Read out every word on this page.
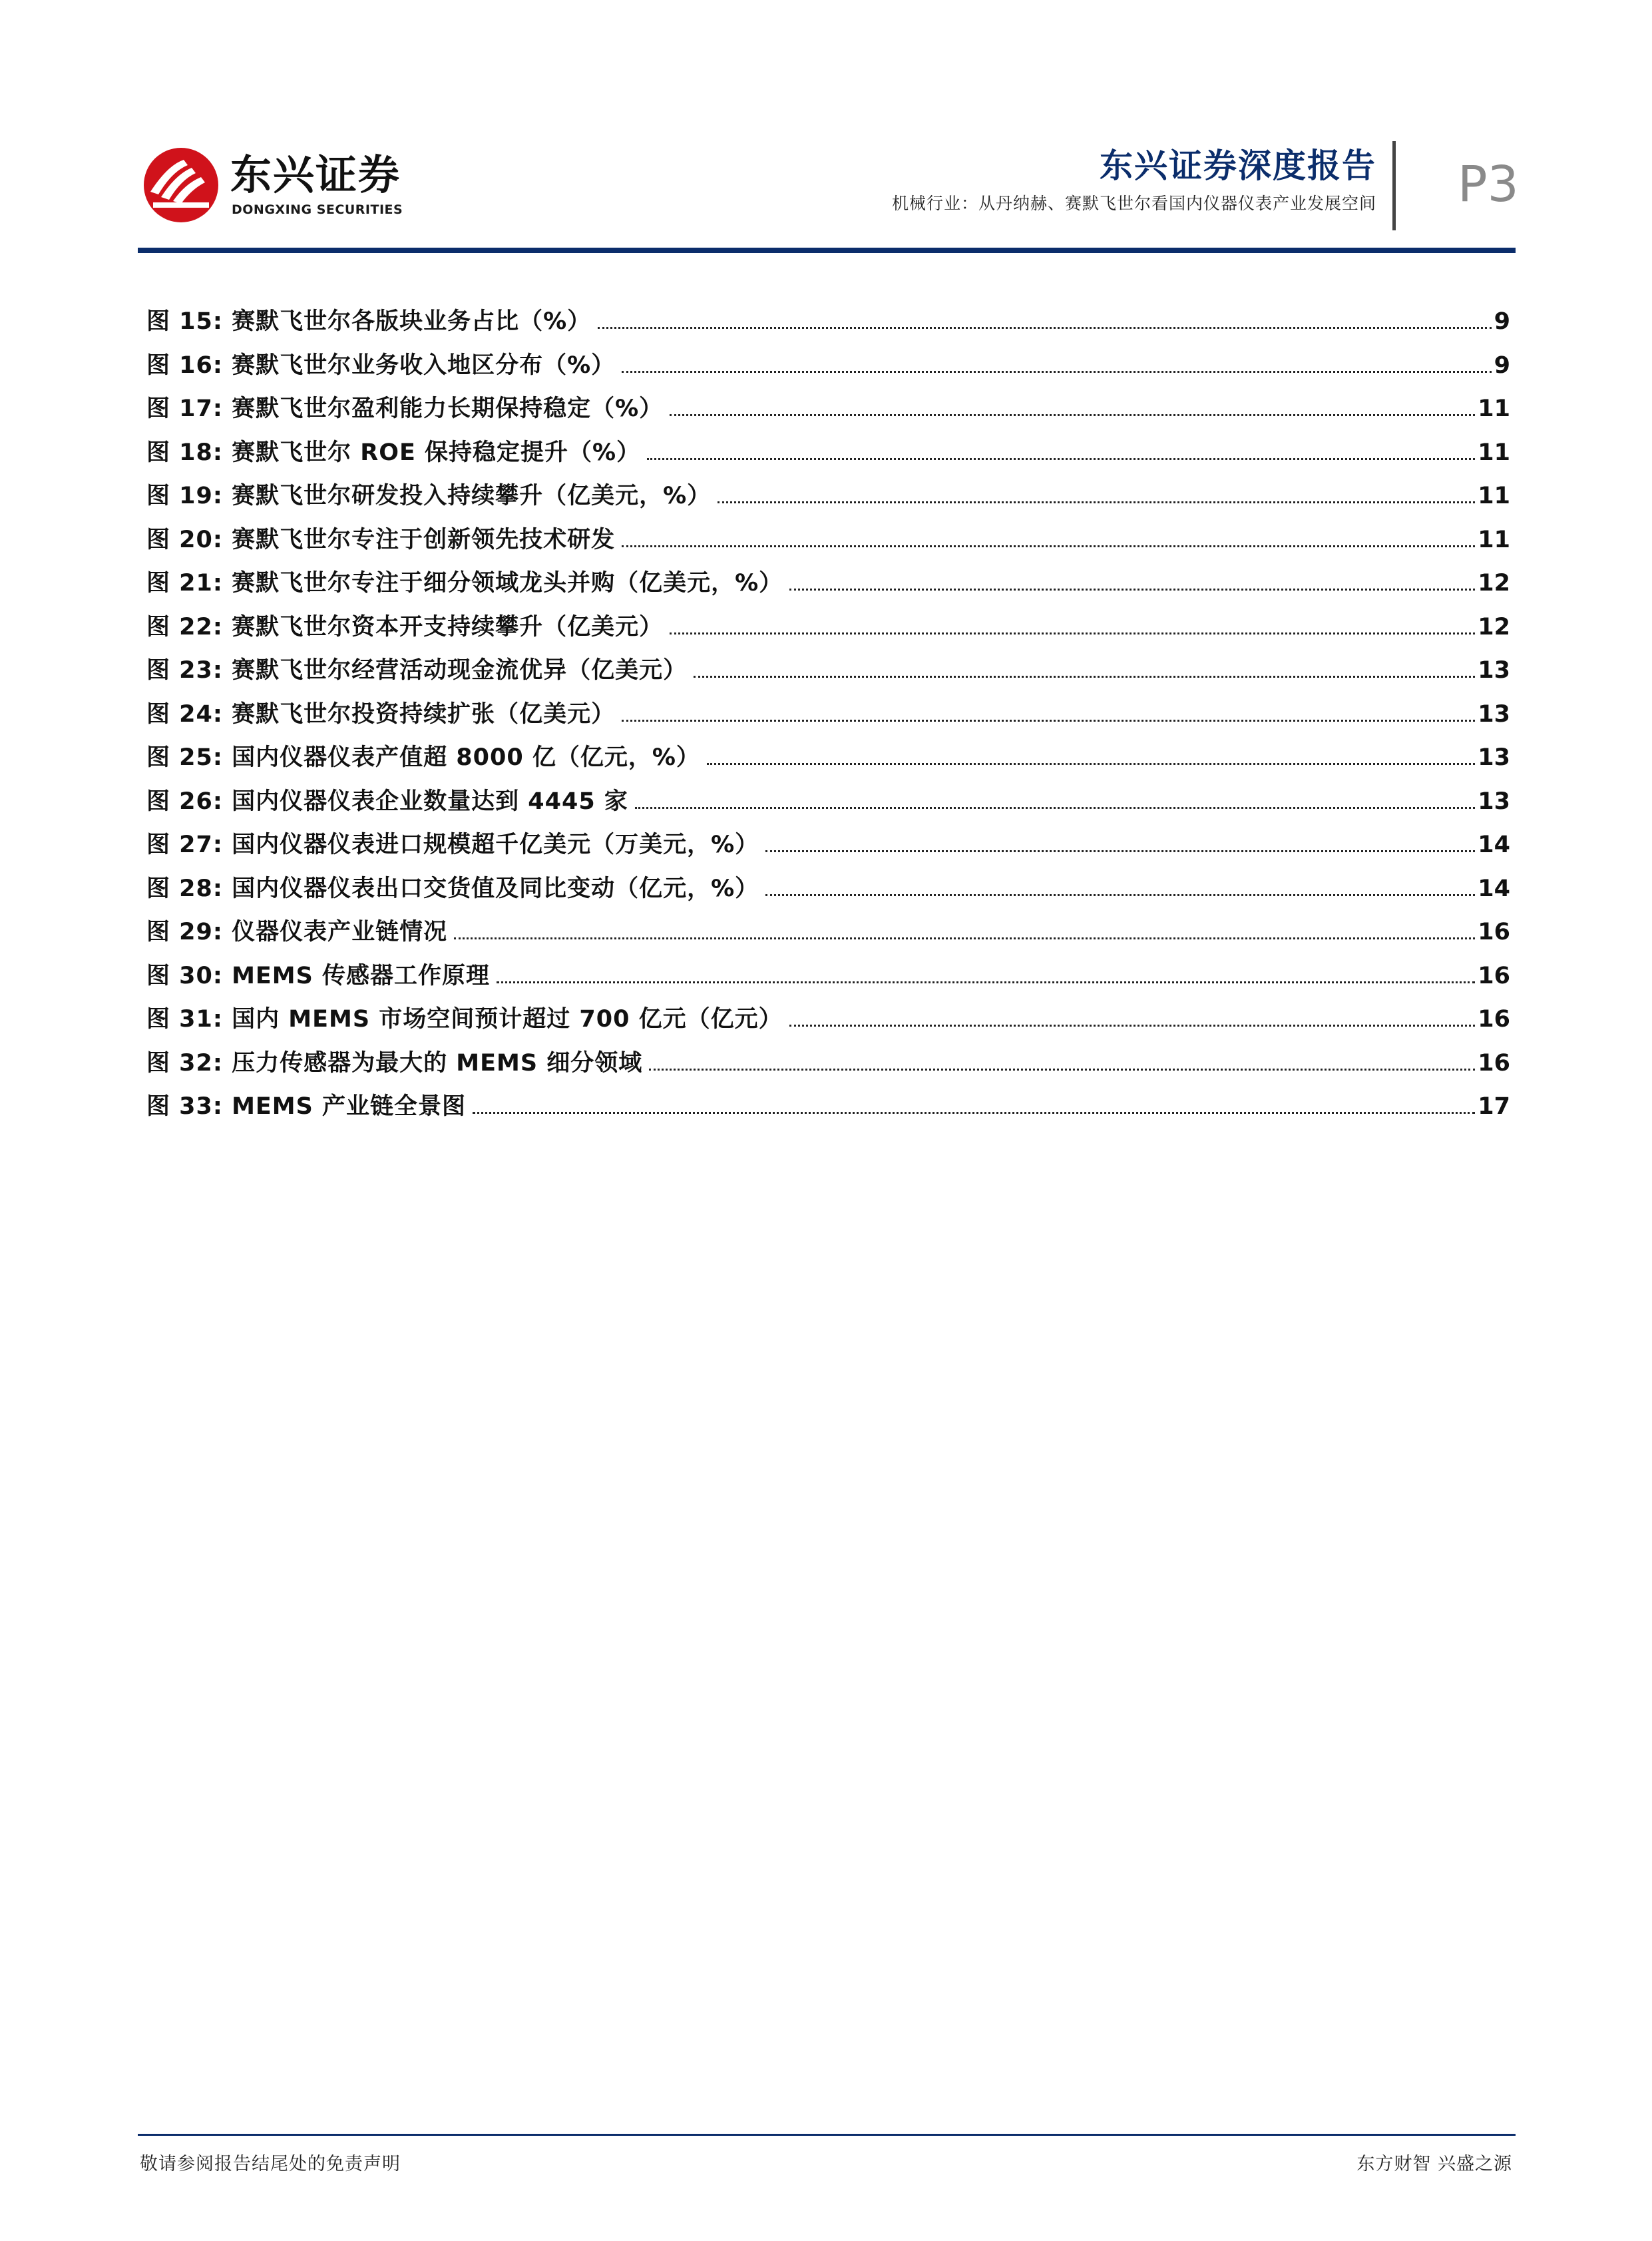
东兴证券
DONGXING SECURITIES
东兴证券深度报告
机械行业：从丹纳赫、赛默飞世尔看国内仪器仪表产业发展空间 P3
图 15: 赛默飞世尔各版块业务占比（%）	9
图 16: 赛默飞世尔业务收入地区分布（%）	9
图 17: 赛默飞世尔盈利能力长期保持稳定（%）	11
图 18: 赛默飞世尔 ROE 保持稳定提升（%）	11
图 19: 赛默飞世尔研发投入持续攀升（亿美元，%）	11
图 20: 赛默飞世尔专注于创新领先技术研发	11
图 21: 赛默飞世尔专注于细分领域龙头并购（亿美元，%）	12
图 22: 赛默飞世尔资本开支持续攀升（亿美元）	12
图 23: 赛默飞世尔经营活动现金流优异（亿美元）	13
图 24: 赛默飞世尔投资持续扩张（亿美元）	13
图 25: 国内仪器仪表产值超 8000 亿（亿元，%）	13
图 26: 国内仪器仪表企业数量达到 4445 家	13
图 27: 国内仪器仪表进口规模超千亿美元（万美元，%）	14
图 28: 国内仪器仪表出口交货值及同比变动（亿元，%）	14
图 29: 仪器仪表产业链情况	16
图 30: MEMS 传感器工作原理	16
图 31: 国内 MEMS 市场空间预计超过 700 亿元（亿元）	16
图 32: 压力传感器为最大的 MEMS 细分领域	16
图 33: MEMS 产业链全景图	17
敬请参阅报告结尾处的免责声明	东方财智 兴盛之源
